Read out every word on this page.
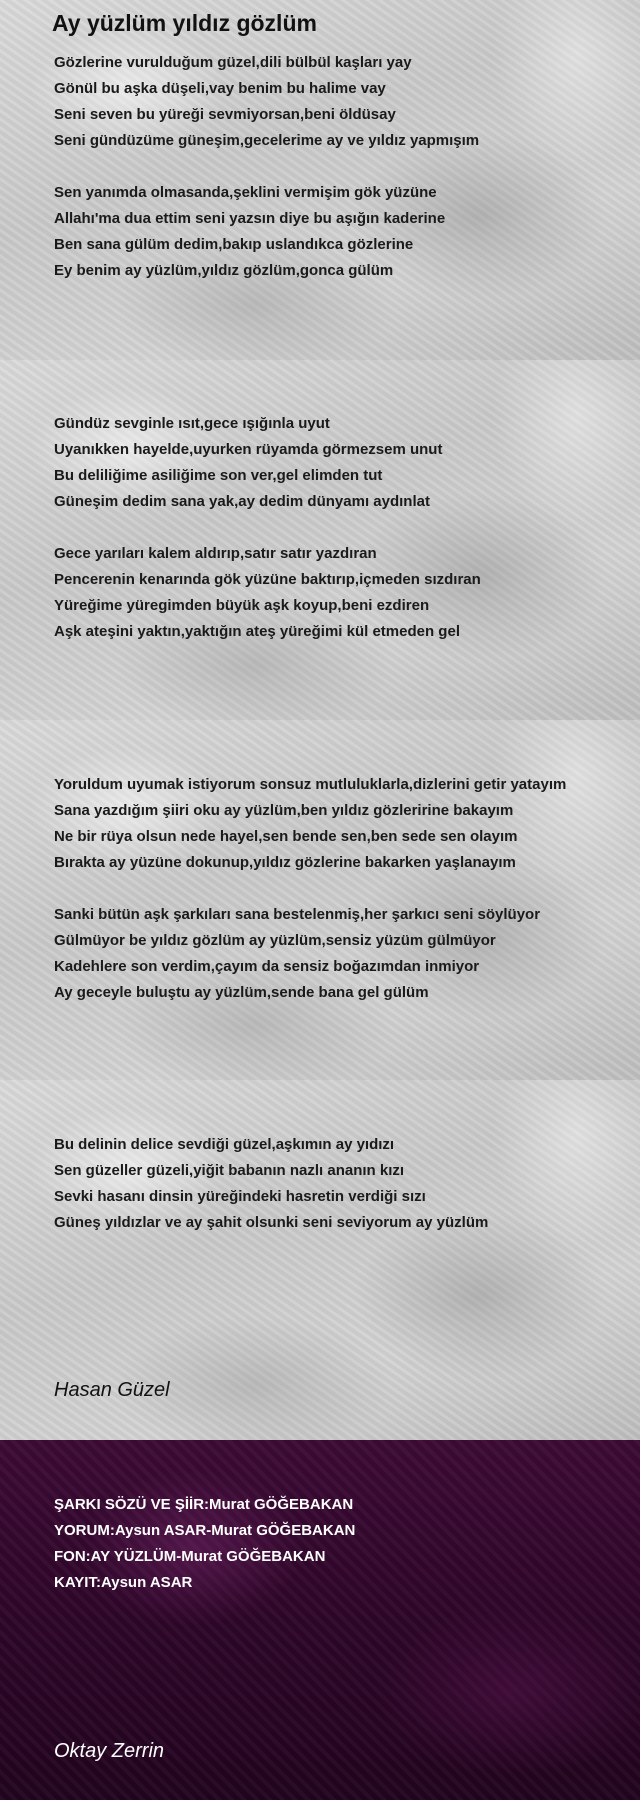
Ay yüzlüm yıldız gözlüm
Gözlerine vurulduğum güzel,dili bülbül kaşları yay
Gönül bu aşka düşeli,vay benim bu halime vay
Seni seven bu yüreği sevmiyorsan,beni öldüsay
Seni gündüzüme güneşim,gecelerime ay ve yıldız yapmışım
Sen yanımda olmasanda,şeklini vermişim gök yüzüne
Allahı'ma dua ettim seni yazsın diye bu aşığın kaderine
Ben sana gülüm dedim,bakıp uslandıkca gözlerine
Ey benim ay yüzlüm,yıldız gözlüm,gonca gülüm
Gündüz sevginle ısıt,gece ışığınla uyut
Uyanıkken hayelde,uyurken rüyamda görmezsem unut
Bu deliliğime asiliğime son ver,gel elimden tut
Güneşim dedim sana yak,ay dedim dünyamı aydınlat
Gece yarıları kalem aldırıp,satır satır yazdıran
Pencerenin kenarında gök yüzüne baktırıp,içmeden sızdıran
Yüreğime yüregimden büyük aşk koyup,beni ezdiren
Aşk ateşini yaktın,yaktığın ateş yüreğimi kül etmeden gel
Yoruldum uyumak istiyorum sonsuz mutluluklarla,dizlerini getir yatayım
Sana yazdığım şiiri oku ay yüzlüm,ben yıldız gözleririne bakayım
Ne bir rüya olsun nede hayel,sen bende sen,ben sede sen olayım
Bırakta ay yüzüne dokunup,yıldız gözlerine bakarken yaşlanayım
Sanki bütün aşk şarkıları sana bestelenmiş,her şarkıcı seni söylüyor
Gülmüyor be yıldız gözlüm ay yüzlüm,sensiz yüzüm gülmüyor
Kadehlere son verdim,çayım da sensiz boğazımdan inmiyor
Ay geceyle buluştu ay yüzlüm,sende bana gel gülüm
Bu delinin delice sevdiği güzel,aşkımın ay yıdızı
Sen güzeller güzeli,yiğit babanın nazlı ananın kızı
Sevki hasanı dinsin yüreğindeki hasretin verdiği sızı
Güneş yıldızlar ve ay şahit olsunki seni seviyorum ay yüzlüm
Hasan Güzel
ŞARKI SÖZÜ VE ŞİİR:Murat GÖĞEBAKAN
YORUM:Aysun ASAR-Murat GÖĞEBAKAN
FON:AY YÜZLÜM-Murat GÖĞEBAKAN
KAYIT:Aysun ASAR
Oktay Zerrin
